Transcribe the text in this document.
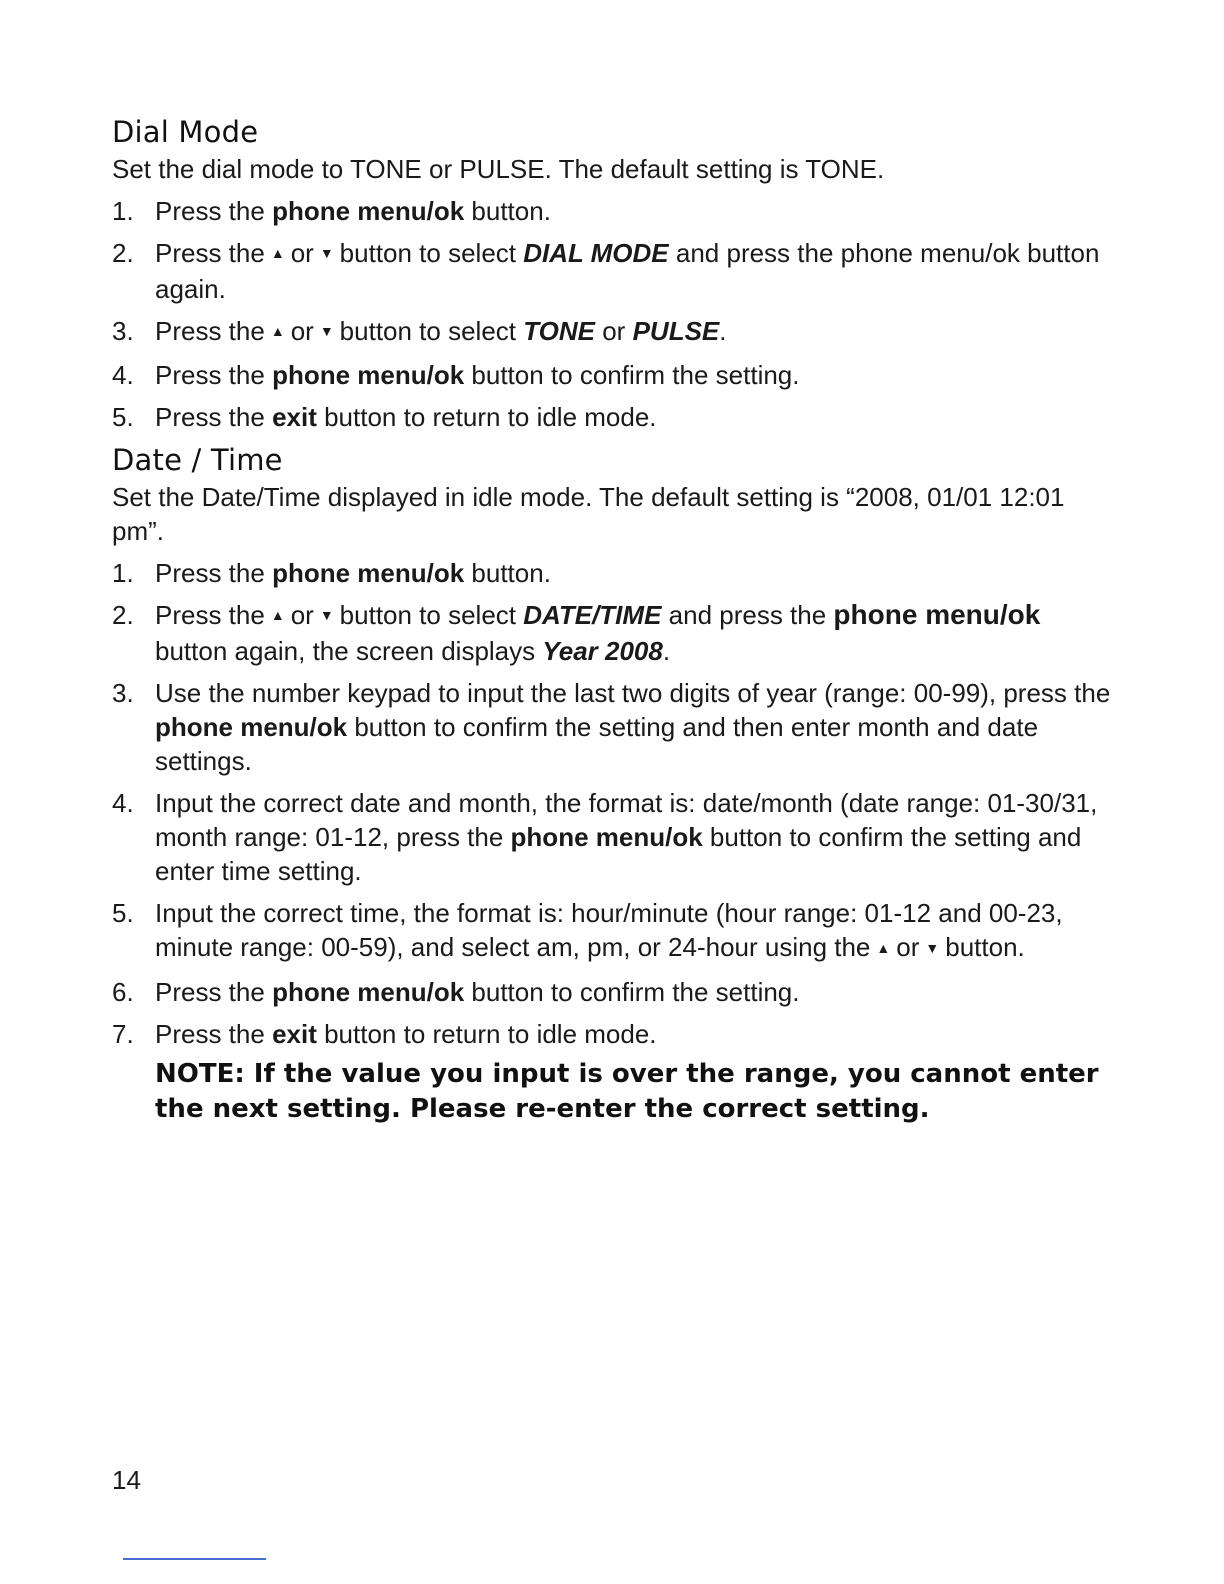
Dial Mode

Set the dial mode to TONE or PULSE. The default setting is TONE.

1. Press the phone menu/ok button.
2. Press the ▲ or ▼ button to select DIAL MODE and press the phone menu/ok button again.
3. Press the ▲ or ▼ button to select TONE or PULSE.
4. Press the phone menu/ok button to confirm the setting.
5. Press the exit button to return to idle mode.
Date / Time

Set the Date/Time displayed in idle mode. The default setting is “2008, 01/01 12:01 pm”.

1. Press the phone menu/ok button.
2. Press the ▲ or ▼ button to select DATE/TIME and press the phone menu/ok button again, the screen displays Year 2008.
3. Use the number keypad to input the last two digits of year (range: 00-99), press the phone menu/ok button to confirm the setting and then enter month and date settings.
4. Input the correct date and month, the format is: date/month (date range: 01-30/31, month range: 01-12, press the phone menu/ok button to confirm the setting and enter time setting.
5. Input the correct time, the format is: hour/minute (hour range: 01-12 and 00-23, minute range: 00-59), and select am, pm, or 24-hour using the ▲ or ▼ button.
6. Press the phone menu/ok button to confirm the setting.
7. Press the exit button to return to idle mode.

NOTE: If the value you input is over the range, you cannot enter the next setting. Please re-enter the correct setting.

14
